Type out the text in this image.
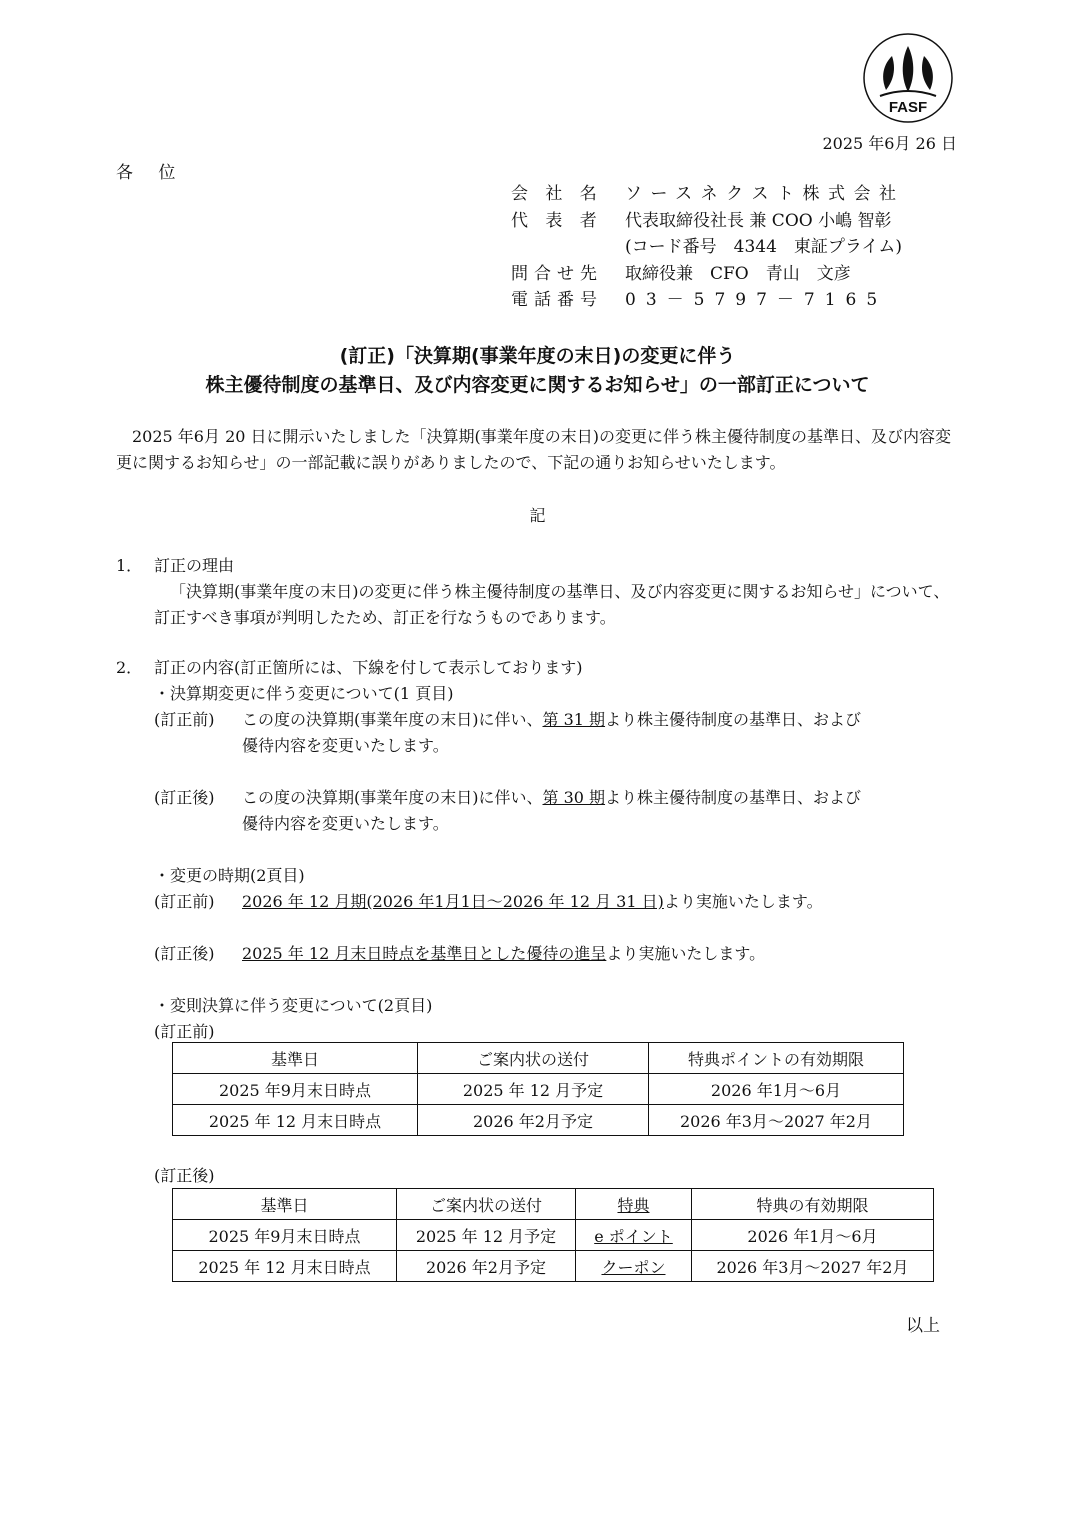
FASF
2025 年6月 26 日
各 位
会 社 名	ソースネクスト株式会社
代 表 者	代表取締役社長 兼 COO 小嶋 智彰
(コード番号　4344　東証プライム)
問合せ先	取締役兼　CFO　青山　文彦
電話番号	03－5797－7165
(訂正)「決算期(事業年度の末日)の変更に伴う
株主優待制度の基準日、及び内容変更に関するお知らせ」の一部訂正について
2025 年6月 20 日に開示いたしました「決算期(事業年度の末日)の変更に伴う株主優待制度の基準日、及び内容変更に関するお知らせ」の一部記載に誤りがありましたので、下記の通りお知らせいたします。
記
1． 訂正の理由
「決算期(事業年度の末日)の変更に伴う株主優待制度の基準日、及び内容変更に関するお知らせ」について、訂正すべき事項が判明したため、訂正を行なうものであります。
2． 訂正の内容(訂正箇所には、下線を付して表示しております)
・決算期変更に伴う変更について(1 頁目)
(訂正前) この度の決算期(事業年度の末日)に伴い、第 31 期より株主優待制度の基準日、および
優待内容を変更いたします。
(訂正後) この度の決算期(事業年度の末日)に伴い、第 30 期より株主優待制度の基準日、および
優待内容を変更いたします。
・変更の時期(2頁目)
(訂正前) 2026 年 12 月期(2026 年1月1日～2026 年 12 月 31 日)より実施いたします。
(訂正後) 2025 年 12 月末日時点を基準日とした優待の進呈より実施いたします。
・変則決算に伴う変更について(2頁目)
(訂正前)
基準日	ご案内状の送付	特典ポイントの有効期限
2025 年9月末日時点	2025 年 12 月予定	2026 年1月～6月
2025 年 12 月末日時点	2026 年2月予定	2026 年3月～2027 年2月
(訂正後)
基準日	ご案内状の送付	特典	特典の有効期限
2025 年9月末日時点	2025 年 12 月予定	e ポイント	2026 年1月～6月
2025 年 12 月末日時点	2026 年2月予定	クーポン	2026 年3月～2027 年2月
以上
